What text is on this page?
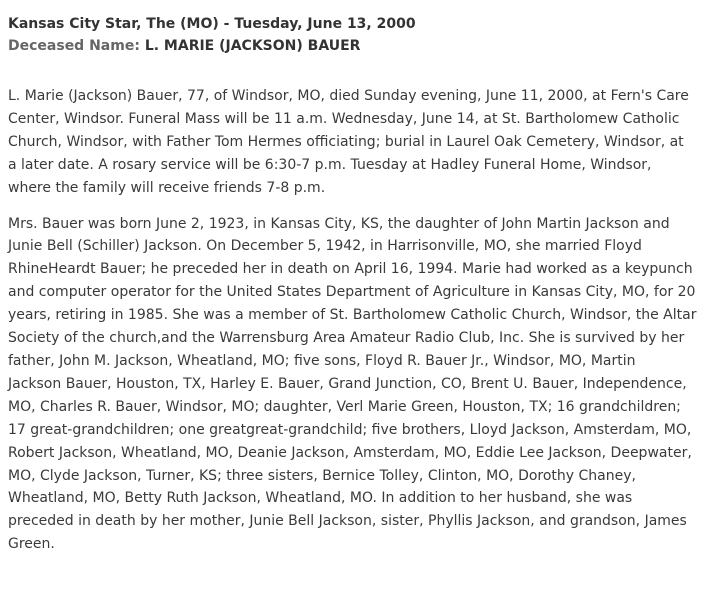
Kansas City Star, The (MO) - Tuesday, June 13, 2000
Deceased Name: L. MARIE (JACKSON) BAUER

L. Marie (Jackson) Bauer, 77, of Windsor, MO, died Sunday evening, June 11, 2000, at Fern's Care
Center, Windsor. Funeral Mass will be 11 a.m. Wednesday, June 14, at St. Bartholomew Catholic
Church, Windsor, with Father Tom Hermes officiating; burial in Laurel Oak Cemetery, Windsor, at
a later date. A rosary service will be 6:30-7 p.m. Tuesday at Hadley Funeral Home, Windsor,
where the family will receive friends 7-8 p.m.

Mrs. Bauer was born June 2, 1923, in Kansas City, KS, the daughter of John Martin Jackson and
Junie Bell (Schiller) Jackson. On December 5, 1942, in Harrisonville, MO, she married Floyd
RhineHeardt Bauer; he preceded her in death on April 16, 1994. Marie had worked as a keypunch
and computer operator for the United States Department of Agriculture in Kansas City, MO, for 20
years, retiring in 1985. She was a member of St. Bartholomew Catholic Church, Windsor, the Altar
Society of the church,and the Warrensburg Area Amateur Radio Club, Inc. She is survived by her
father, John M. Jackson, Wheatland, MO; five sons, Floyd R. Bauer Jr., Windsor, MO, Martin
Jackson Bauer, Houston, TX, Harley E. Bauer, Grand Junction, CO, Brent U. Bauer, Independence,
MO, Charles R. Bauer, Windsor, MO; daughter, Verl Marie Green, Houston, TX; 16 grandchildren;
17 great-grandchildren; one greatgreat-grandchild; five brothers, Lloyd Jackson, Amsterdam, MO,
Robert Jackson, Wheatland, MO, Deanie Jackson, Amsterdam, MO, Eddie Lee Jackson, Deepwater,
MO, Clyde Jackson, Turner, KS; three sisters, Bernice Tolley, Clinton, MO, Dorothy Chaney,
Wheatland, MO, Betty Ruth Jackson, Wheatland, MO. In addition to her husband, she was
preceded in death by her mother, Junie Bell Jackson, sister, Phyllis Jackson, and grandson, James
Green.
